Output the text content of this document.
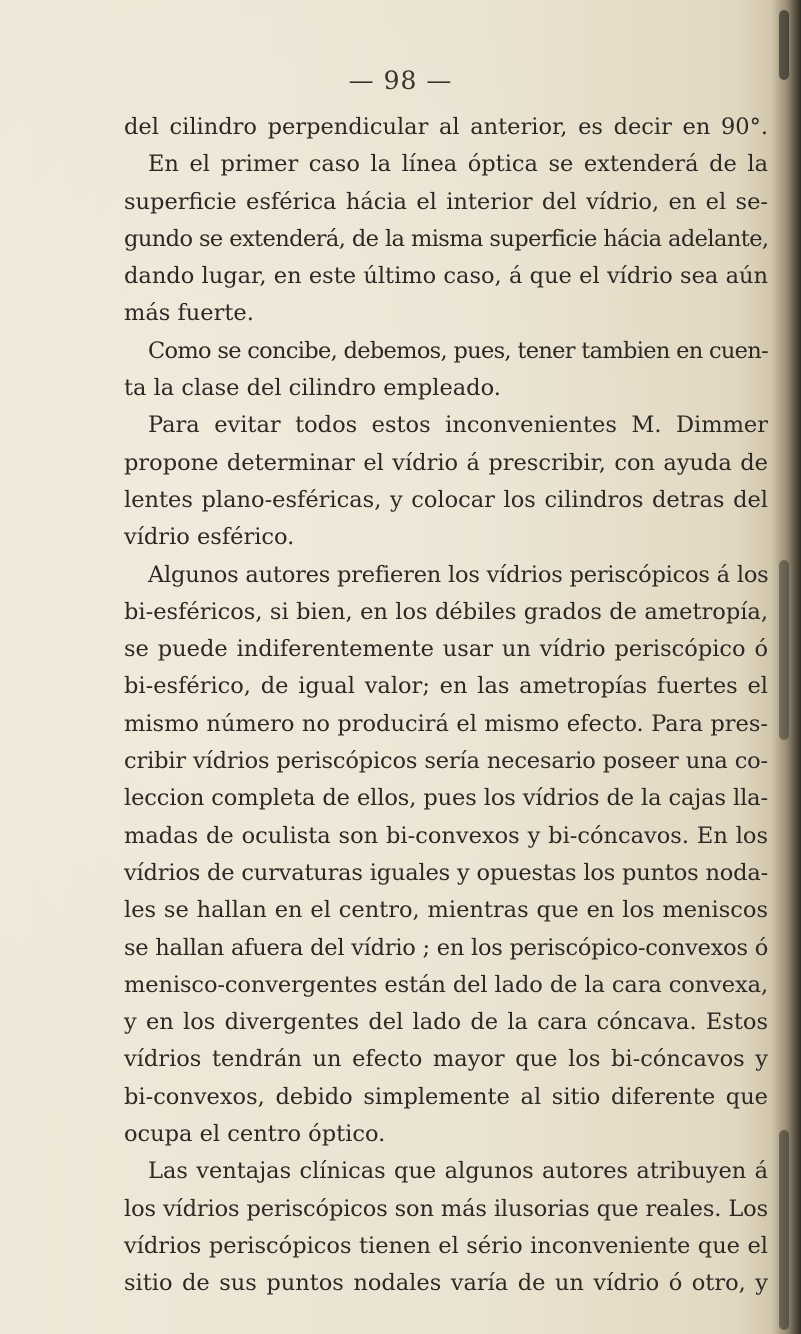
— 98 —
del cilindro perpendicular al anterior, es decir en 90°.
En el primer caso la línea óptica se extenderá de la
superficie esférica hácia el interior del vídrio, en el se-
gundo se extenderá, de la misma superficie hácia adelante,
dando lugar, en este último caso, á que el vídrio sea aún
más fuerte.
Como se concibe, debemos, pues, tener tambien en cuen-
ta la clase del cilindro empleado.
Para evitar todos estos inconvenientes M. Dimmer
propone determinar el vídrio á prescribir, con ayuda de
lentes plano-esféricas, y colocar los cilindros detras del
vídrio esférico.
Algunos autores prefieren los vídrios periscópicos á los
bi-esféricos, si bien, en los débiles grados de ametropía,
se puede indiferentemente usar un vídrio periscópico ó
bi-esférico, de igual valor; en las ametropías fuertes el
mismo número no producirá el mismo efecto. Para pres-
cribir vídrios periscópicos sería necesario poseer una co-
leccion completa de ellos, pues los vídrios de la cajas lla-
madas de oculista son bi-convexos y bi-cóncavos. En los
vídrios de curvaturas iguales y opuestas los puntos noda-
les se hallan en el centro, mientras que en los meniscos
se hallan afuera del vídrio ; en los periscópico-convexos ó
menisco-convergentes están del lado de la cara convexa,
y en los divergentes del lado de la cara cóncava. Estos
vídrios tendrán un efecto mayor que los bi-cóncavos y
bi-convexos, debido simplemente al sitio diferente que
ocupa el centro óptico.
Las ventajas clínicas que algunos autores atribuyen á
los vídrios periscópicos son más ilusorias que reales. Los
vídrios periscópicos tienen el sério inconveniente que el
sitio de sus puntos nodales varía de un vídrio ó otro, y
